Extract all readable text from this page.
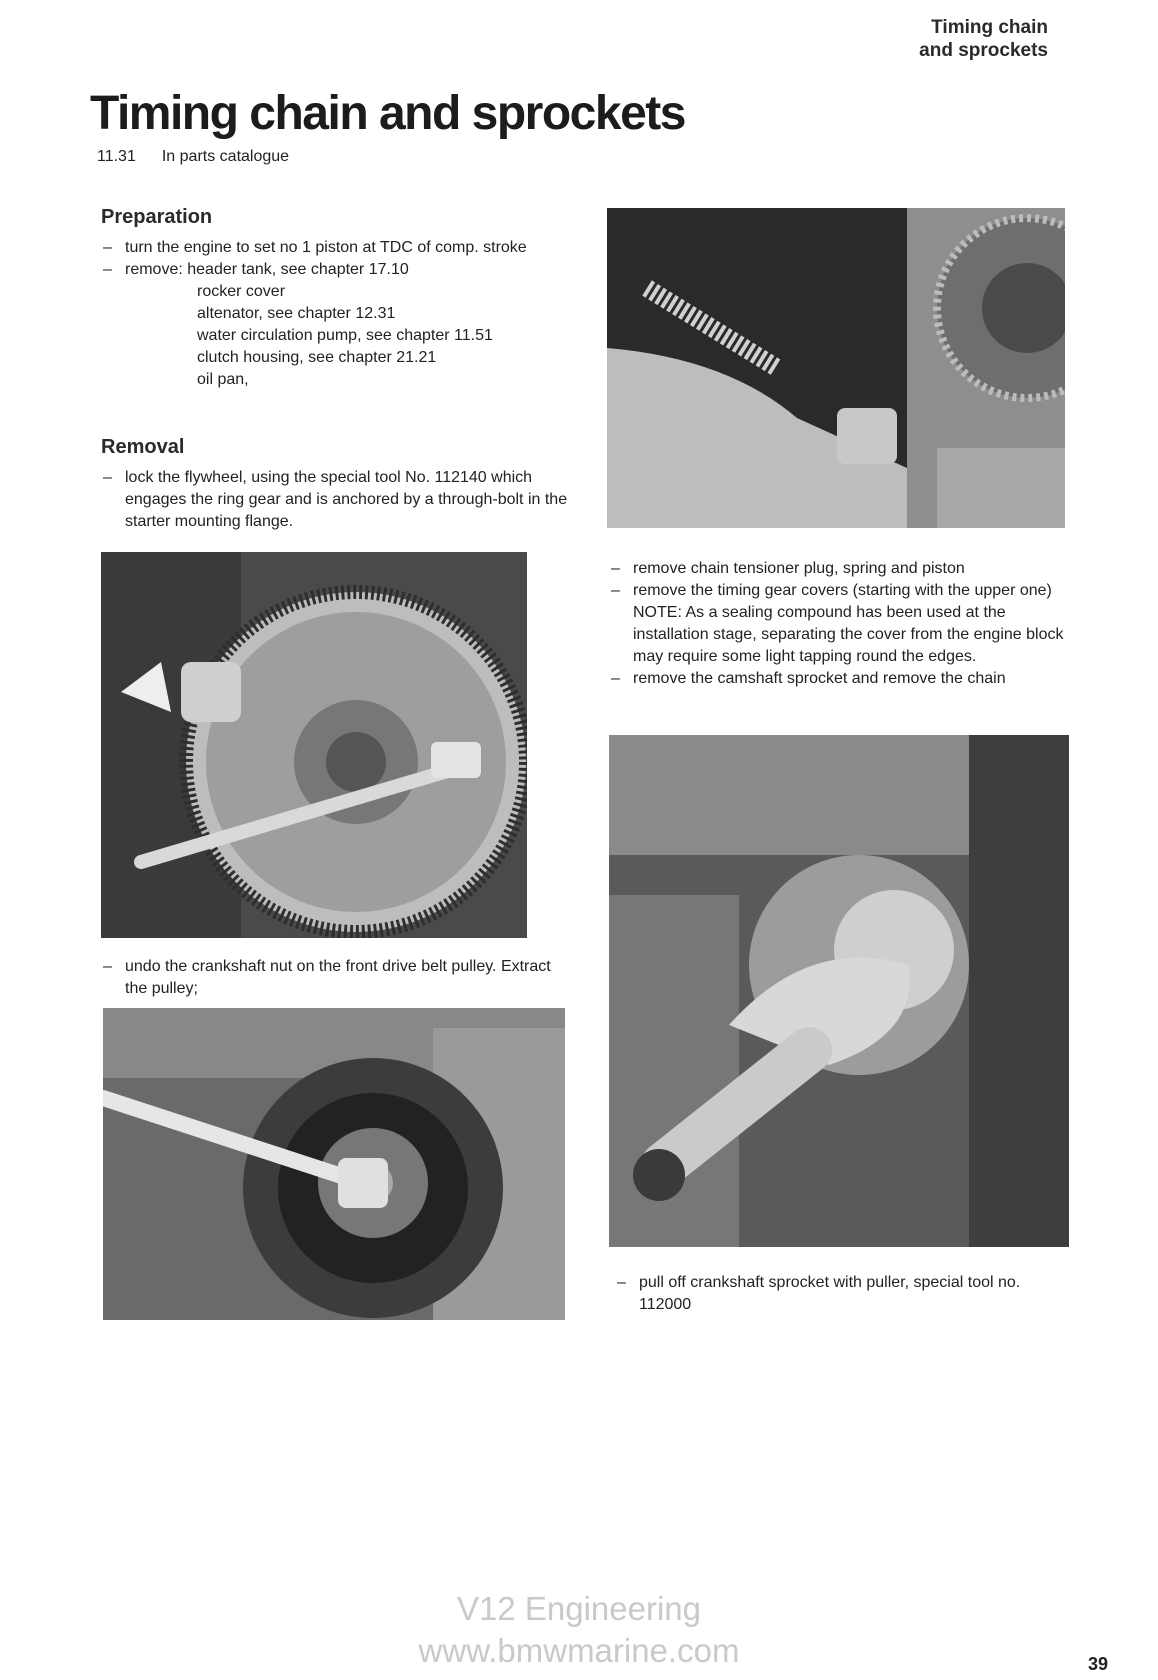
Timing chain
and sprockets
Timing chain and sprockets
11.31 In parts catalogue
Preparation
– turn the engine to set no 1 piston at TDC of comp. stroke
– remove: header tank, see chapter 17.10
rocker cover
altenator, see chapter 12.31
water circulation pump, see chapter 11.51
clutch housing, see chapter 21.21
oil pan,
Removal
– lock the flywheel, using the special tool No. 112140 which engages the ring gear and is anchored by a through-bolt in the starter mounting flange.
– undo the crankshaft nut on the front drive belt pulley. Extract the pulley;
– remove chain tensioner plug, spring and piston
– remove the timing gear covers (starting with the upper one)
NOTE: As a sealing compound has been used at the installation stage, separating the cover from the engine block may require some light tapping round the edges.
– remove the camshaft sprocket and remove the chain
– pull off crankshaft sprocket with puller, special tool no. 112000
V12 Engineering
www.bmwmarine.com	39
